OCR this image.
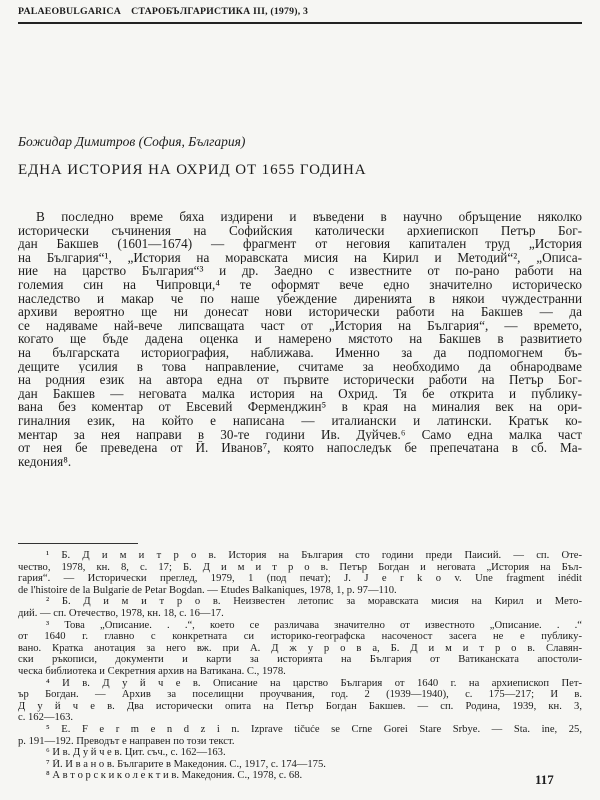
PALAEOBULGARICA СТАРОБЪЛГАРИСТИКА III, (1979), 3
Божидар Димитров (София, България)
ЕДНА ИСТОРИЯ НА ОХРИД ОТ 1655 ГОДИНА
В последно време бяха издирени и въведени в научно обръщение няколко
исторически съчинения на Софийския католически архиепископ Петър Бог-
дан Бакшев (1601—1674) — фрагмент от неговия капитален труд „История
на България“¹, „История на моравската мисия на Кирил и Методий“², „Описа-
ние на царство България“³ и др. Заедно с известните от по-рано работи на
големия син на Чипровци,⁴ те оформят вече едно значително историческо
наследство и макар че по наше убеждение дирениятa в някои чуждестранни
архиви вероятно ще ни донесат нови исторически работи на Бакшев — да
се надяваме най-вече липсващата част от „История на България“, — времето,
когато ще бъде дадена оценка и намерено мястото на Бакшев в развитието
на българската историография, наближава. Именно за да подпомогнем бъ-
дещите усилия в това направление, считаме за необходимо да обнародваме
на родния език на автора една от първите исторически работи на Петър Бог-
дан Бакшев — неговата малка история на Охрид. Тя бе открита и публику-
вана без коментар от Евсевий Ферменджин⁵ в края на миналия век на ори-
гиналния език, на който е написана — италиански и латински. Кратък ко-
ментар за нея направи в 30-те години Ив. Дуйчев.⁶ Само една малка част
от нея бе преведена от Й. Иванов⁷, която напоследък бе препечатана в сб. Ма-
кедония⁸.
¹ Б. Д и м и т р о в. История на България сто години преди Паисий. — сп. Оте-
чество, 1978, кн. 8, с. 17; Б. Д и м и т р о в. Петър Богдан и неговата „История на Бъл-
гария“. — Исторически преглед, 1979, 1 (под печат); J. J e r k o v. Une fragment inédit
de l'histoire de la Bulgarie de Petar Bogdan. — Etudes Balkaniques, 1978, 1, p. 97—110.
² Б. Д и м и т р о в. Неизвестен летопис за моравската мисия на Кирил и Мето-
дий. — сп. Отечество, 1978, кн. 18, с. 16—17.
³ Това „Описание. . .“, което се различава значително от известното „Описание. . .“
от 1640 г. главно с конкретната си историко-географска насоченост засега не е публику-
вано. Кратка анотация за него вж. при А. Д ж у р о в а, Б. Д и м и т р о в. Славян-
ски ръкописи, документи и карти за историята на България от Ватиканската апостоли-
ческа библиотека и Секретния архив на Ватикана. С., 1978.
⁴ И в. Д у й ч е в. Описание на царство България от 1640 г. на архиепископ Пет-
ър Богдан. — Архив за поселищни проучвания, год. 2 (1939—1940), с. 175—217; И в.
Д у й ч е в. Два исторически опита на Петър Богдан Бакшев. — сп. Родина, 1939, кн. 3,
с. 162—163.
⁵ E. F e r m e n d z i n. Izprave tičuće se Crne Gorei Stare Srbye. — Sta. ine, 25,
р. 191—192. Преводът е направен по този текст.
⁶ И в. Д у й ч е в. Цит. съч., с. 162—163.
⁷ Й. И в а н о в. Българите в Македония. С., 1917, с. 174—175.
⁸ А в т о р с к и к о л е к т и в. Македония. С., 1978, с. 68.	117
